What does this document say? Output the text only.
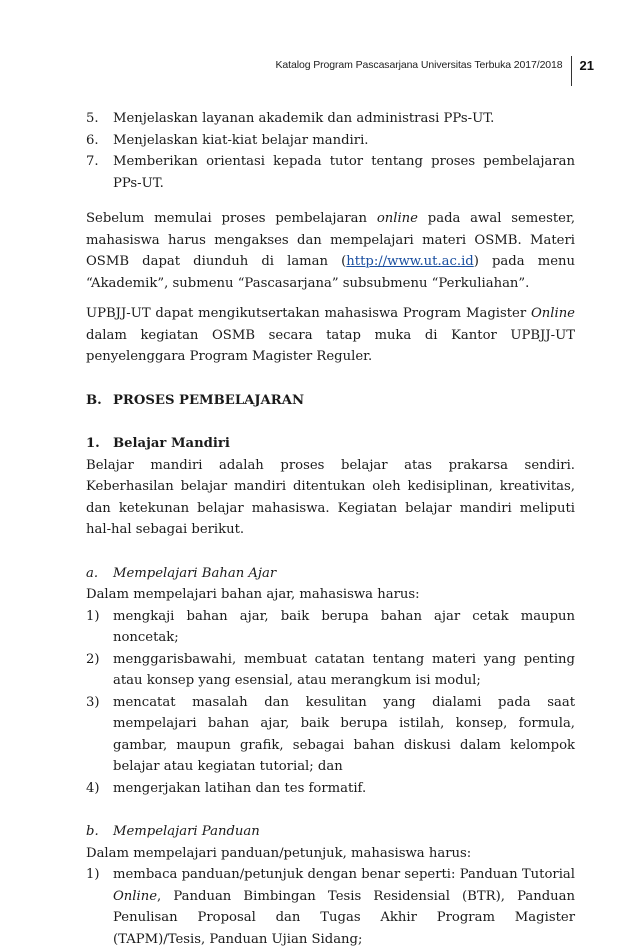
Katalog Program Pascasarjana Universitas Terbuka 2017/2018 21
5.	Menjelaskan layanan akademik dan administrasi PPs-UT.
6.	Menjelaskan kiat-kiat belajar mandiri.
7.	Memberikan orientasi kepada tutor tentang proses pembelajaran PPs-UT.

Sebelum memulai proses pembelajaran online pada awal semester, mahasiswa harus mengakses dan mempelajari materi OSMB. Materi OSMB dapat diunduh di laman (http://www.ut.ac.id) pada menu “Akademik”, submenu “Pascasarjana” subsubmenu “Perkuliahan”.

UPBJJ-UT dapat mengikutsertakan mahasiswa Program Magister Online dalam kegiatan OSMB secara tatap muka di Kantor UPBJJ-UT penyelenggara Program Magister Reguler.

B. PROSES PEMBELAJARAN

1.	Belajar Mandiri

Belajar mandiri adalah proses belajar atas prakarsa sendiri. Keberhasilan belajar mandiri ditentukan oleh kedisiplinan, kreativitas, dan ketekunan belajar mahasiswa. Kegiatan belajar mandiri meliputi hal-hal sebagai berikut.

a.	Mempelajari Bahan Ajar

Dalam mempelajari bahan ajar, mahasiswa harus:

1)	mengkaji bahan ajar, baik berupa bahan ajar cetak maupun noncetak;
2)	menggarisbawahi, membuat catatan tentang materi yang penting atau konsep yang esensial, atau merangkum isi modul;
3)	mencatat masalah dan kesulitan yang dialami pada saat mempelajari bahan ajar, baik berupa istilah, konsep, formula, gambar, maupun grafik, sebagai bahan diskusi dalam kelompok belajar atau kegiatan tutorial; dan
4)	mengerjakan latihan dan tes formatif.

b.	Mempelajari Panduan

Dalam mempelajari panduan/petunjuk, mahasiswa harus:

1)	membaca panduan/petunjuk dengan benar seperti: Panduan Tutorial Online, Panduan Bimbingan Tesis Residensial (BTR), Panduan Penulisan Proposal dan Tugas Akhir Program Magister (TAPM)/Tesis, Panduan Ujian Sidang;
